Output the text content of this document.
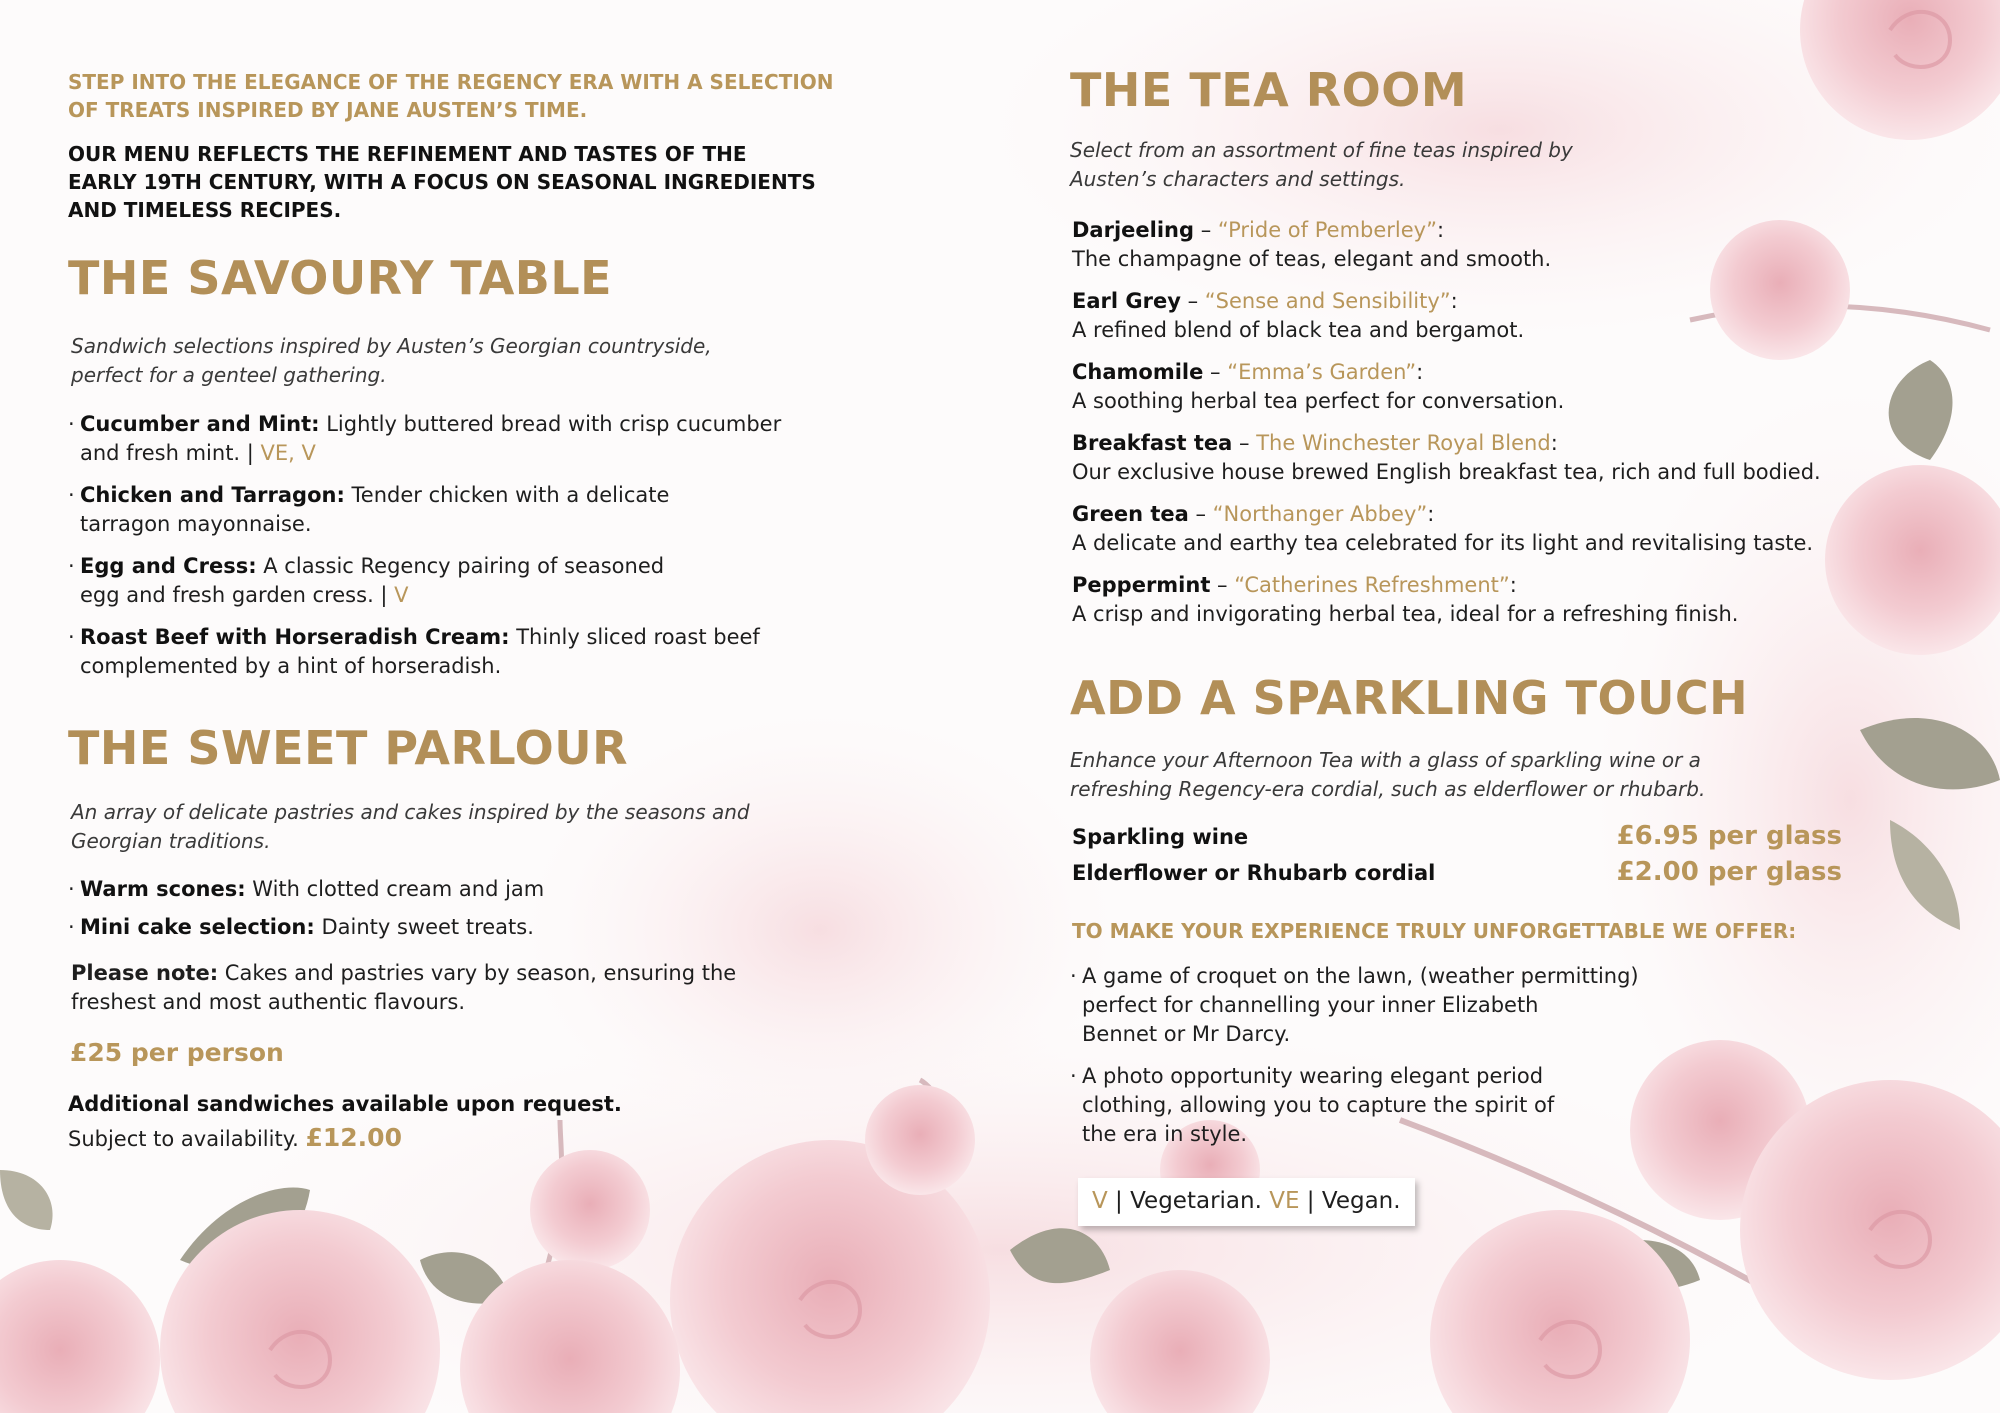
STEP INTO THE ELEGANCE OF THE REGENCY ERA WITH A SELECTION
OF TREATS INSPIRED BY JANE AUSTEN’S TIME.
OUR MENU REFLECTS THE REFINEMENT AND TASTES OF THE
EARLY 19TH CENTURY, WITH A FOCUS ON SEASONAL INGREDIENTS
AND TIMELESS RECIPES.
THE SAVOURY TABLE
Sandwich selections inspired by Austen’s Georgian countryside,
perfect for a genteel gathering.
· Cucumber and Mint: Lightly buttered bread with crisp cucumber
and fresh mint. | VE, V
· Chicken and Tarragon: Tender chicken with a delicate
tarragon mayonnaise.
· Egg and Cress: A classic Regency pairing of seasoned
egg and fresh garden cress. | V
· Roast Beef with Horseradish Cream: Thinly sliced roast beef
complemented by a hint of horseradish.
THE SWEET PARLOUR
An array of delicate pastries and cakes inspired by the seasons and
Georgian traditions.
· Warm scones: With clotted cream and jam
· Mini cake selection: Dainty sweet treats.
Please note: Cakes and pastries vary by season, ensuring the
freshest and most authentic flavours.
£25 per person
Additional sandwiches available upon request.
Subject to availability. £12.00
THE TEA ROOM
Select from an assortment of fine teas inspired by
Austen’s characters and settings.
Darjeeling – “Pride of Pemberley”:
The champagne of teas, elegant and smooth.
Earl Grey – “Sense and Sensibility”:
A refined blend of black tea and bergamot.
Chamomile – “Emma’s Garden”:
A soothing herbal tea perfect for conversation.
Breakfast tea – The Winchester Royal Blend:
Our exclusive house brewed English breakfast tea, rich and full bodied.
Green tea – “Northanger Abbey”:
A delicate and earthy tea celebrated for its light and revitalising taste.
Peppermint – “Catherines Refreshment”:
A crisp and invigorating herbal tea, ideal for a refreshing finish.
ADD A SPARKLING TOUCH
Enhance your Afternoon Tea with a glass of sparkling wine or a
refreshing Regency-era cordial, such as elderflower or rhubarb.
Sparkling wine	£6.95 per glass
Elderflower or Rhubarb cordial	£2.00 per glass
TO MAKE YOUR EXPERIENCE TRULY UNFORGETTABLE WE OFFER:
· A game of croquet on the lawn, (weather permitting)
perfect for channelling your inner Elizabeth
Bennet or Mr Darcy.
· A photo opportunity wearing elegant period
clothing, allowing you to capture the spirit of
the era in style.
V | Vegetarian. VE | Vegan.
